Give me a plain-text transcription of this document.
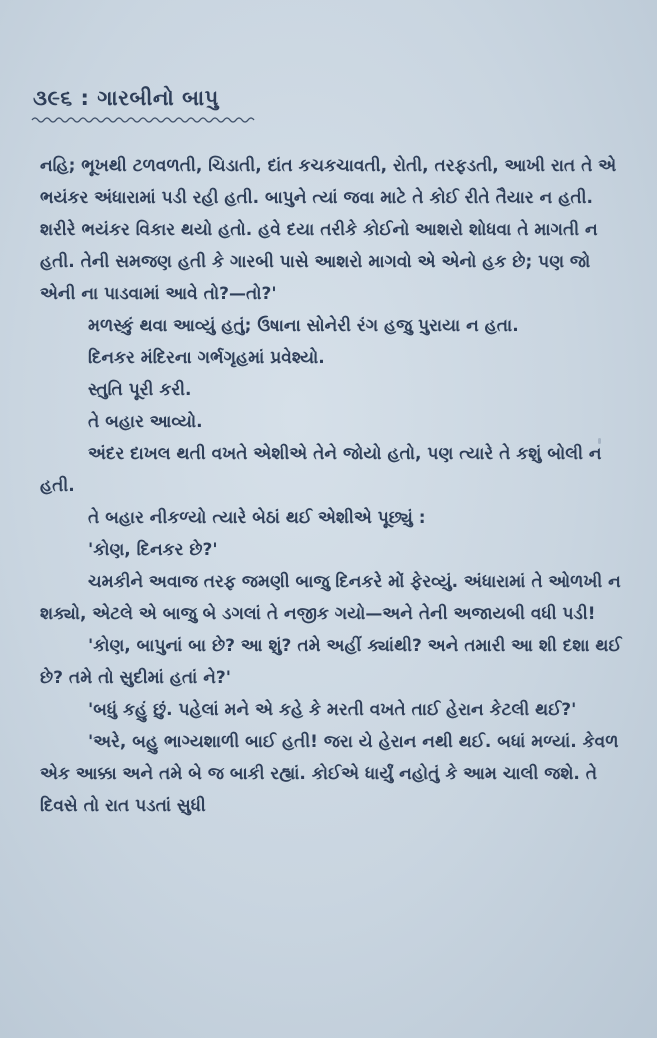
૩૯૬ : ગારબીનો બાપુ

નહિ; ભૂખથી ટળવળતી, ચિડાતી, દાંત કચકચાવતી, રોતી, તરફડતી, આખી રાત તે એ ભયંકર અંધારામાં પડી રહી હતી. બાપુને ત્યાં જવા માટે તે કોઈ રીતે તૈયાર ન હતી. શરીરે ભયંકર વિકાર થયો હતો. હવે દયા તરીકે કોઈનો આશરો શોધવા તે માગતી ન હતી. તેની સમજણ હતી કે ગારબી પાસે આશરો માગવો એ એનો હક છે; પણ જો એની ના પાડવામાં આવે તો?—તો?'

મળસ્કું થવા આવ્યું હતું; ઉષાના સોનેરી રંગ હજુ પુરાયા ન હતા.

દિનકર મંદિરના ગર્ભગૃહમાં પ્રવેશ્યો.

સ્તુતિ પૂરી કરી.

તે બહાર આવ્યો.

અંદર દાખલ થતી વખતે એશીએ તેને જોયો હતો, પણ ત્યારે તે કશું બોલી ન હતી.

તે બહાર નીકળ્યો ત્યારે બેઠાં થઈ એશીએ પૂછ્યું :

'કોણ, દિનકર છે?'

ચમકીને અવાજ તરફ જમણી બાજુ દિનકરે મોં ફેરવ્યું. અંધારામાં તે ઓળખી ન શક્યો, એટલે એ બાજુ બે ડગલાં તે નજીક ગયો—અને તેની અજાયબી વધી પડી!

'કોણ, બાપુનાં બા છે? આ શું? તમે અહીં ક્યાંથી? અને તમારી આ શી દશા થઈ છે? તમે તો સુદીમાં હતાં ને?'

'બધું કહું છું. પહેલાં મને એ કહે કે મરતી વખતે તાઈ હેરાન કેટલી થઈ?'

'અરે, બહુ ભાગ્યશાળી બાઈ હતી! જરા યે હેરાન નથી થઈ. બધાં મળ્યાં. કેવળ એક આક્કા અને તમે બે જ બાકી રહ્યાં. કોઈએ ધાર્યું નહોતું કે આમ ચાલી જશે. તે દિવસે તો રાત પડતાં સુધી
